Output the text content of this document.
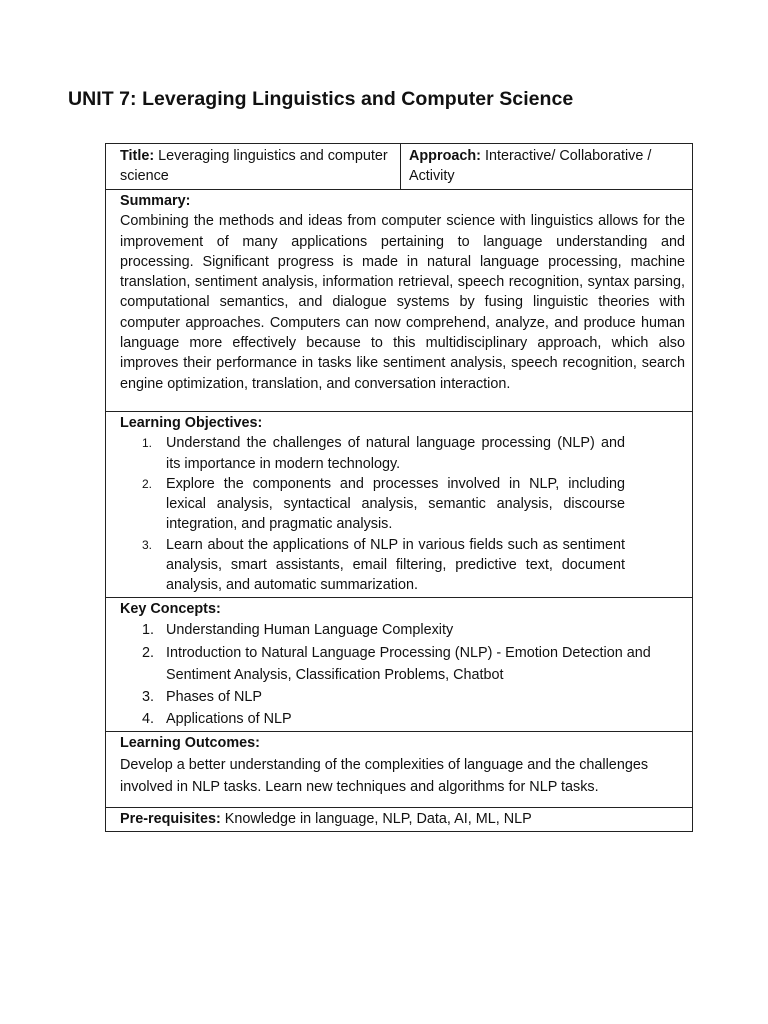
UNIT 7: Leveraging Linguistics and Computer Science
Title: Leveraging linguistics and computer science
Approach: Interactive/ Collaborative / Activity
Summary:
Combining the methods and ideas from computer science with linguistics allows for the improvement of many applications pertaining to language understanding and processing. Significant progress is made in natural language processing, machine translation, sentiment analysis, information retrieval, speech recognition, syntax parsing, computational semantics, and dialogue systems by fusing linguistic theories with computer approaches. Computers can now comprehend, analyze, and produce human language more effectively because to this multidisciplinary approach, which also improves their performance in tasks like sentiment analysis, speech recognition, search engine optimization, translation, and conversation interaction.
Learning Objectives:
1. Understand the challenges of natural language processing (NLP) and its importance in modern technology.
2. Explore the components and processes involved in NLP, including lexical analysis, syntactical analysis, semantic analysis, discourse integration, and pragmatic analysis.
3. Learn about the applications of NLP in various fields such as sentiment analysis, smart assistants, email filtering, predictive text, document analysis, and automatic summarization.
Key Concepts:
1. Understanding Human Language Complexity
2. Introduction to Natural Language Processing (NLP) - Emotion Detection and Sentiment Analysis, Classification Problems, Chatbot
3. Phases of NLP
4. Applications of NLP
Learning Outcomes:
Develop a better understanding of the complexities of language and the challenges involved in NLP tasks. Learn new techniques and algorithms for NLP tasks.
Pre-requisites: Knowledge in language, NLP, Data, AI, ML, NLP
